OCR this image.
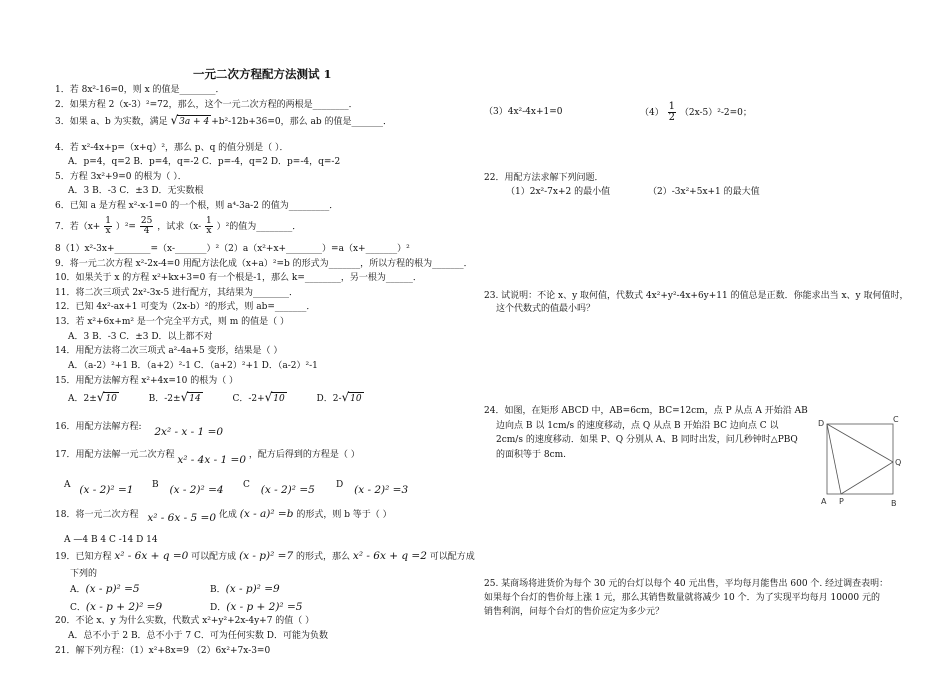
一元二次方程配方法测试 1
1．若 8x²-16=0，则 x 的值是________．
2．如果方程 2（x-3）²=72，那么，这个一元二次方程的两根是________．
3．如果 a、b 为实数，满足 √3a + 4 +b²-12b+36=0，那么 ab 的值是_______．
4．若 x²-4x+p=（x+q）²，那么 p、q 的值分别是（ ）．
A．p=4，q=2 B．p=4，q=-2 C．p=-4，q=2 D．p=-4，q=-2
5．方程 3x²+9=0 的根为（ ）．
A．3 B．-3 C．±3 D．无实数根
6．已知 a 是方程 x²-x-1=0 的一个根，则 a⁴-3a-2 的值为_________．
7．若$(x+ \frac{1}{x} )^2= \frac{25}{4}$ ，试求$(x- \frac{1}{x} )^2$的值为________．
8（1）x²-3x+________=（x-_______）²（2）a（x²+x+________）=a（x+_______）²
9．将一元二次方程 x²-2x-4=0 用配方法化成（x+a）²=b 的形式为_______，所以方程的根为_______．
10．如果关于 x 的方程 x²+kx+3=0 有一个根是-1，那么 k=________，另一根为______．
11．将二次三项式 2x²-3x-5 进行配方，其结果为________．
12．已知 4x²-ax+1 可变为（2x-b）²的形式，则 ab=_______．
13．若 x²+6x+m² 是一个完全平方式，则 m 的值是（ ）
A．3 B．-3 C．±3 D．以上都不对
14．用配方法将二次三项式 a²-4a+5 变形，结果是（ ）
A．（a-2）²+1 B．（a+2）²-1 C．（a+2）²+1 D．（a-2）²-1
15．用配方法解方程 x²+4x=10 的根为（ ）
A．2±√10	B．-2±√14	C．-2+√10	D．2-√10
16．用配方法解方程: 2x² - x - 1 =0
17．用配方法解一元二次方程 x² - 4x - 1 =0 ，配方后得到的方程是（ ）
A (x - 2)² =1 B (x - 2)² =4 C (x - 2)² =5 D (x - 2)² =3
18．将一元二次方程 x² - 6x - 5 =0 化成 (x - a)² =b 的形式，则 b 等于（ ）
A —4 B 4 C -14 D 14
19．已知方程 x² - 6x + q =0 可以配方成 (x - p)² =7 的形式，那么 x² - 6x + q =2 可以配方成
下列的
A．(x - p)² =5	B．(x - p)² =9
C．(x - p + 2)² =9	D．(x - p + 2)² =5
20．不论 x、y 为什么实数，代数式 x²+y²+2x-4y+7 的值（ ）
A．总不小于 2 B．总不小于 7 C．可为任何实数 D．可能为负数
21．解下列方程：（1）x²+8x=9 （2）6x²+7x-3=0
（3）4x²-4x+1=0	$(4) \frac{1}{2} (2x-5)^2-2=0$；
22．用配方法求解下列问题．
（1）2x²-7x+2 的最小值	（2）-3x²+5x+1 的最大值
23. 试说明：不论 x、y 取何值，代数式 4x²+y²-4x+6y+11 的值总是正数．你能求出当 x、y 取何值时，
这个代数式的值最小吗？
24．如图，在矩形 ABCD 中，AB=6cm，BC=12cm，点 P 从点 A 开始沿 AB
边向点 B 以 1cm/s 的速度移动，点 Q 从点 B 开始沿 BC 边向点 C 以
2cm/s 的速度移动．如果 P、Q 分别从 A、B 同时出发，问几秒钟时△PBQ
的面积等于 8cm.
D	C
Q
A P	B
25. 某商场将进货价为每个 30 元的台灯以每个 40 元出售，平均每月能售出 600 个. 经过调查表明：
如果每个台灯的售价每上涨 1 元，那么其销售数量就将减少 10 个．为了实现平均每月 10000 元的
销售利润，问每个台灯的售价应定为多少元？
